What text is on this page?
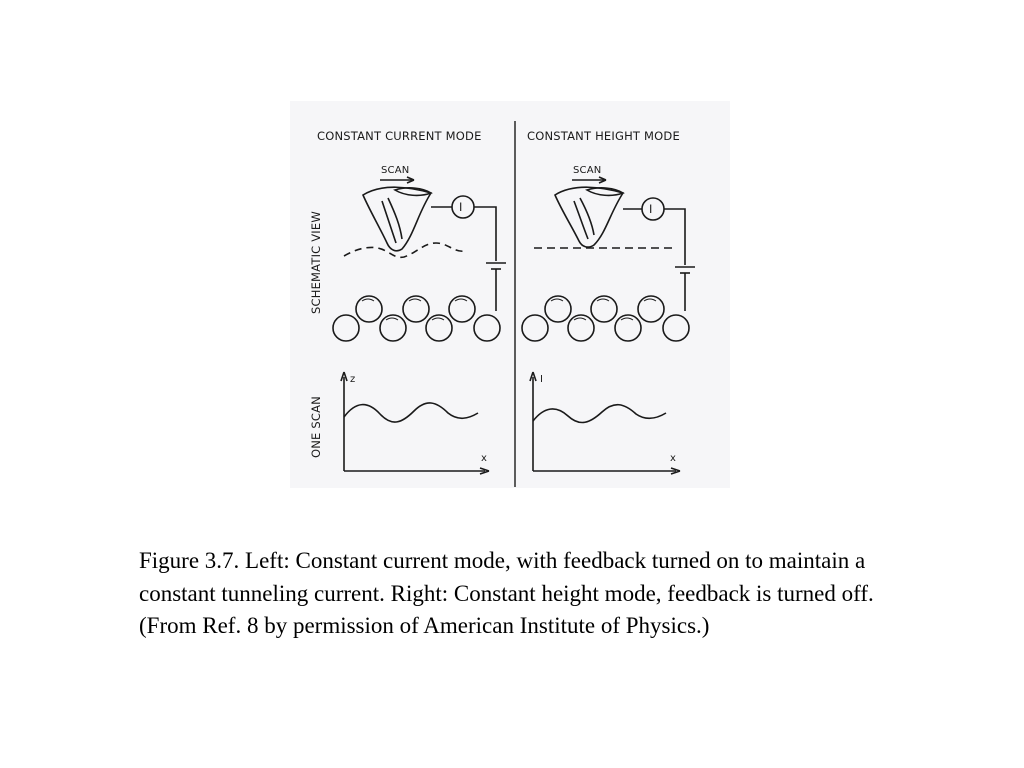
CONSTANT CURRENT MODE	CONSTANT HEIGHT MODE
SCHEMATIC VIEW
ONE SCAN
SCAN
I
z
x
SCAN
I
I
x
Figure 3.7. Left: Constant current mode, with feedback turned on to maintain a constant tunneling current. Right: Constant height mode, feedback is turned off. (From Ref. 8 by permission of American Institute of Physics.)
